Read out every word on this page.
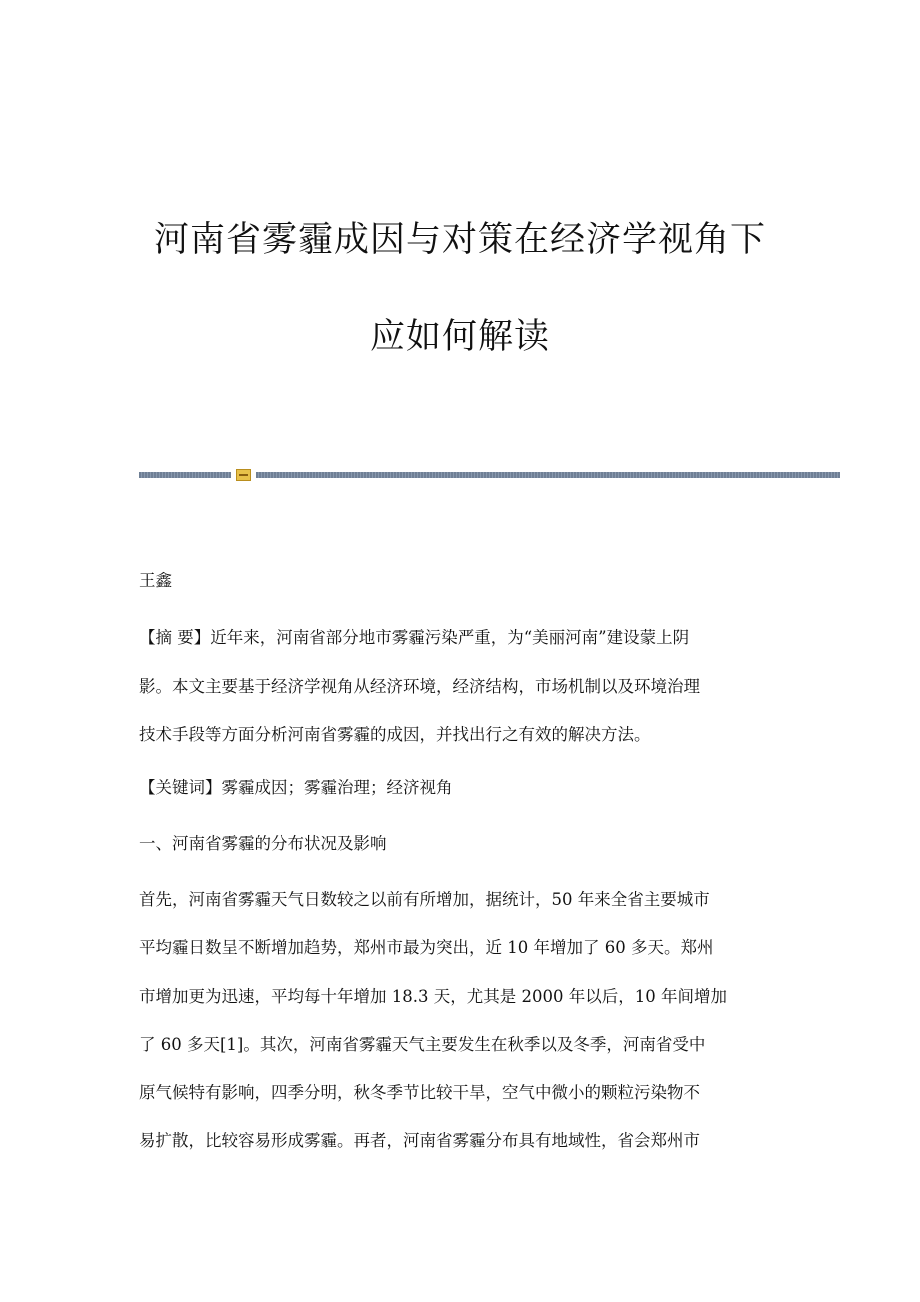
河南省雾霾成因与对策在经济学视角下
应如何解读
王鑫
【摘 要】近年来，河南省部分地市雾霾污染严重，为“美丽河南”建设蒙上阴
影。本文主要基于经济学视角从经济环境，经济结构，市场机制以及环境治理
技术手段等方面分析河南省雾霾的成因，并找出行之有效的解决方法。
【关键词】雾霾成因；雾霾治理；经济视角
一、河南省雾霾的分布状况及影响
首先，河南省雾霾天气日数较之以前有所增加，据统计，50 年来全省主要城市
平均霾日数呈不断增加趋势，郑州市最为突出，近 10 年增加了 60 多天。郑州
市增加更为迅速，平均每十年增加 18.3 天，尤其是 2000 年以后，10 年间增加
了 60 多天[1]。其次，河南省雾霾天气主要发生在秋季以及冬季，河南省受中
原气候特有影响，四季分明，秋冬季节比较干旱，空气中微小的颗粒污染物不
易扩散，比较容易形成雾霾。再者，河南省雾霾分布具有地域性，省会郑州市
